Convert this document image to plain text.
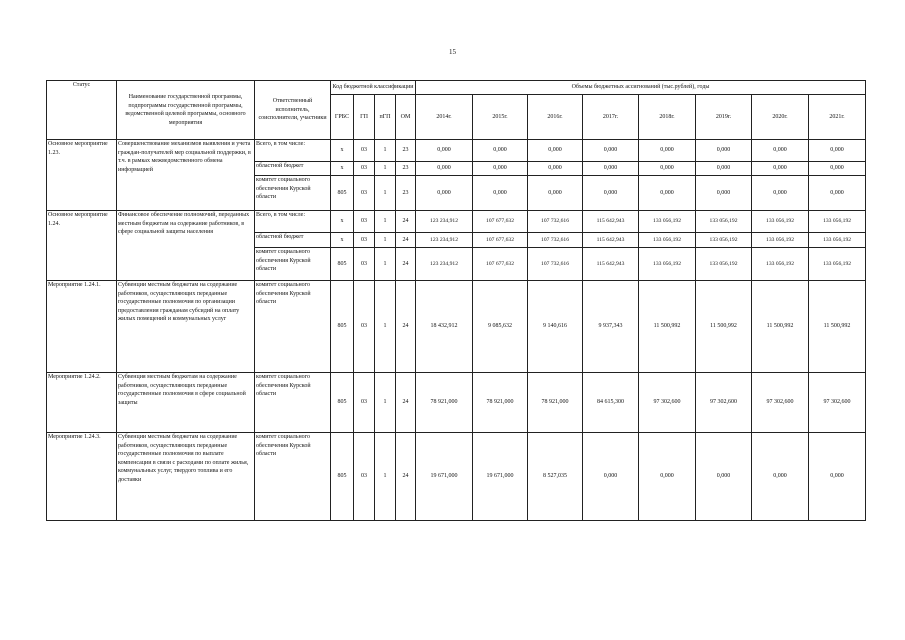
15
Статус	Наименование государственной программы, подпрограммы государственной программы, ведомственной целевой программы, основного мероприятия	Ответственный исполнитель, соисполнители, участники	Код бюджетной классификации				Объемы бюджетных ассигнований (тыс.рублей), годы							
			ГРБС	ГП	пГП	ОМ	2014г.	2015г.	2016г.	2017г.	2018г.	2019г.	2020г.	2021г.
Основное мероприятие 1.23.	Совершенствование механизмов выявления и учета граждан-получателей мер социальной поддержки, в т.ч. в рамках межведомственного обмена информацией	Всего, в том числе:	х	03	1	23	0,000	0,000	0,000	0,000	0,000	0,000	0,000	0,000
		областной бюджет	х	03	1	23	0,000	0,000	0,000	0,000	0,000	0,000	0,000	0,000
		комитет социального обеспечения Курской области	805	03	1	23	0,000	0,000	0,000	0,000	0,000	0,000	0,000	0,000
Основное мероприятие 1.24.	Финансовое обеспечение полномочий, переданных местным бюджетам на содержание работников, в сфере социальной защиты населения	Всего, в том числе:	х	03	1	24	123 234,912	107 677,632	107 732,616	115 642,943	133 056,192	133 056,192	133 056,192	133 056,192
		областной бюджет	х	03	1	24	123 234,912	107 677,632	107 732,616	115 642,943	133 056,192	133 056,192	133 056,192	133 056,192
		комитет социального обеспечения Курской области	805	03	1	24	123 234,912	107 677,632	107 732,616	115 642,943	133 056,192	133 056,192	133 056,192	133 056,192
Мероприятие 1.24.1.	Субвенции местным бюджетам на содержание работников, осуществляющих переданные государственные полномочия по организации предоставления гражданам субсидий на оплату жилых помещений и коммунальных услуг	комитет социального обеспечения Курской области	805	03	1	24	18 432,912	9 085,632	9 140,616	9 937,343	11 500,992	11 500,992	11 500,992	11 500,992
Мероприятие 1.24.2.	Субвенция местным бюджетам на содержание работников, осуществляющих переданные государственные полномочия в сфере социальной защиты	комитет социального обеспечения Курской области	805	03	1	24	78 921,000	78 921,000	78 921,000	84 615,300	97 302,600	97 302,600	97 302,600	97 302,600
Мероприятие 1.24.3.	Субвенции местным бюджетам на содержание работников, осуществляющих переданные государственные полномочия по выплате компенсации в связи с расходами по оплате жилья, коммунальных услуг, твердого топлива и его доставки	комитет социального обеспечения Курской области	805	03	1	24	19 671,000	19 671,000	8 527,035	0,000	0,000	0,000	0,000	0,000
